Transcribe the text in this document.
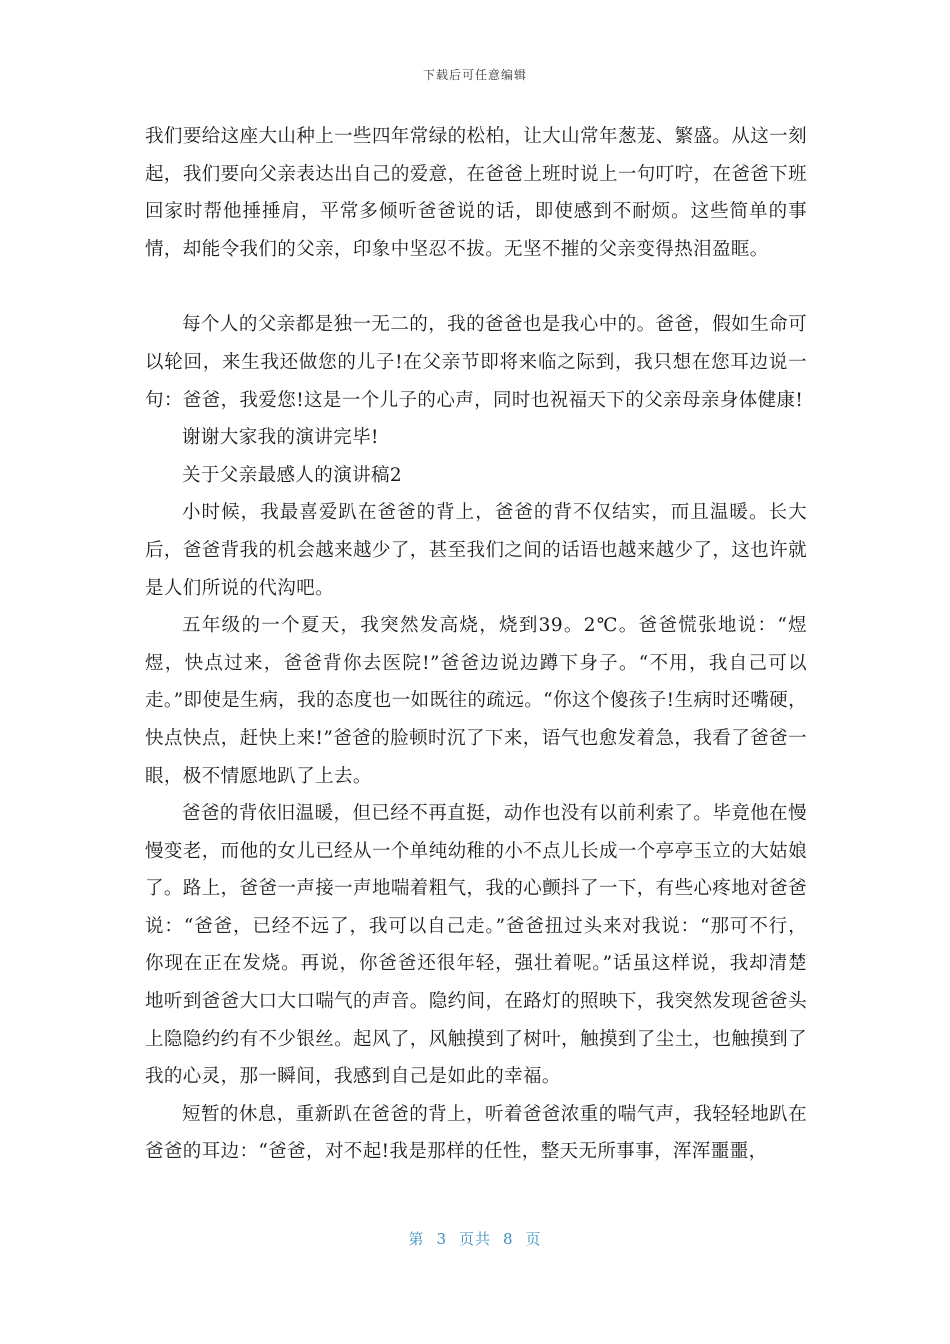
下载后可任意编辑

我们要给这座大山种上一些四年常绿的松柏，让大山常年葱茏、繁盛。从这一刻起，我们要向父亲表达出自己的爱意，在爸爸上班时说上一句叮咛，在爸爸下班回家时帮他捶捶肩，平常多倾听爸爸说的话，即使感到不耐烦。这些简单的事情，却能令我们的父亲，印象中坚忍不拔。无坚不摧的父亲变得热泪盈眶。

每个人的父亲都是独一无二的，我的爸爸也是我心中的。爸爸，假如生命可以轮回，来生我还做您的儿子!在父亲节即将来临之际到，我只想在您耳边说一句：爸爸，我爱您!这是一个儿子的心声，同时也祝福天下的父亲母亲身体健康!

谢谢大家我的演讲完毕!

关于父亲最感人的演讲稿2

小时候，我最喜爱趴在爸爸的背上，爸爸的背不仅结实，而且温暖。长大后，爸爸背我的机会越来越少了，甚至我们之间的话语也越来越少了，这也许就是人们所说的代沟吧。

五年级的一个夏天，我突然发高烧，烧到39。2℃。爸爸慌张地说：“煜煜，快点过来，爸爸背你去医院!”爸爸边说边蹲下身子。“不用，我自己可以走。”即使是生病，我的态度也一如既往的疏远。“你这个傻孩子!生病时还嘴硬，快点快点，赶快上来!”爸爸的脸顿时沉了下来，语气也愈发着急，我看了爸爸一眼，极不情愿地趴了上去。

爸爸的背依旧温暖，但已经不再直挺，动作也没有以前利索了。毕竟他在慢慢变老，而他的女儿已经从一个单纯幼稚的小不点儿长成一个亭亭玉立的大姑娘了。路上，爸爸一声接一声地喘着粗气，我的心颤抖了一下，有些心疼地对爸爸说：“爸爸，已经不远了，我可以自己走。”爸爸扭过头来对我说：“那可不行，你现在正在发烧。再说，你爸爸还很年轻，强壮着呢。”话虽这样说，我却清楚地听到爸爸大口大口喘气的声音。隐约间，在路灯的照映下，我突然发现爸爸头上隐隐约约有不少银丝。起风了，风触摸到了树叶，触摸到了尘土，也触摸到了我的心灵，那一瞬间，我感到自己是如此的幸福。

短暂的休息，重新趴在爸爸的背上，听着爸爸浓重的喘气声，我轻轻地趴在爸爸的耳边：“爸爸，对不起!我是那样的任性，整天无所事事，浑浑噩噩，

第 3 页共 8 页
